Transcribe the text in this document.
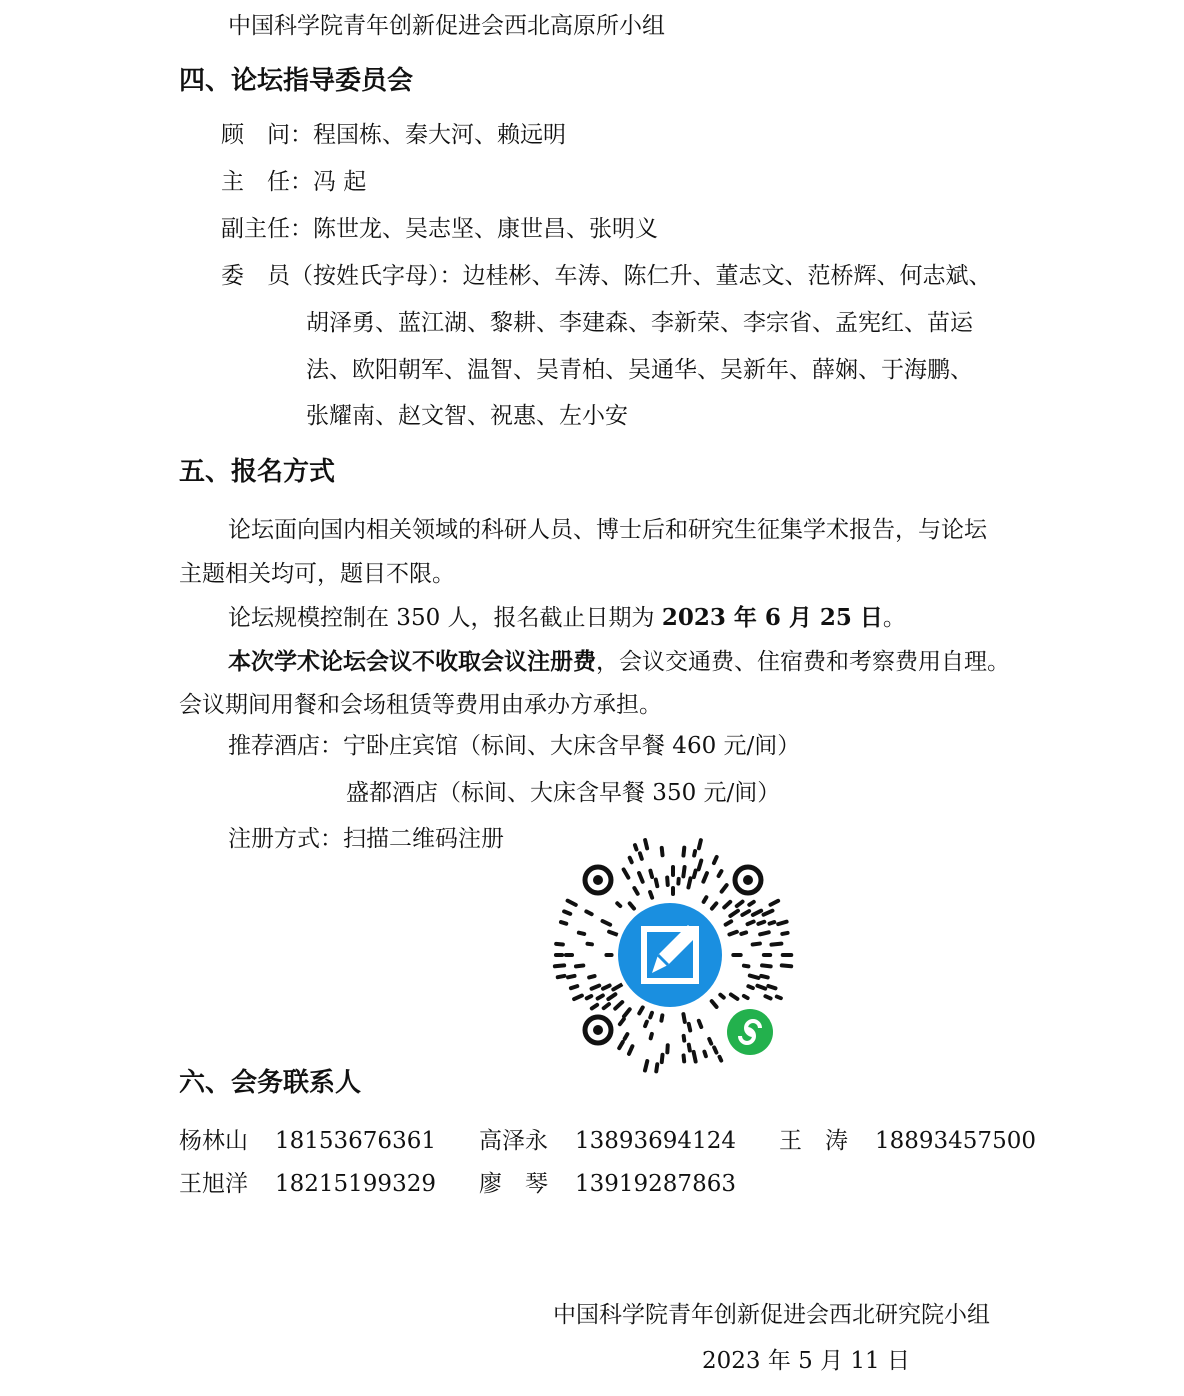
中国科学院青年创新促进会西北高原所小组
四、论坛指导委员会
顾　问：程国栋、秦大河、赖远明
主　任：冯 起
副主任：陈世龙、吴志坚、康世昌、张明义
委　员（按姓氏字母）：边桂彬、车涛、陈仁升、董志文、范桥辉、何志斌、
胡泽勇、蓝江湖、黎耕、李建森、李新荣、李宗省、孟宪红、苗运
法、欧阳朝军、温智、吴青柏、吴通华、吴新年、薛娴、于海鹏、
张耀南、赵文智、祝惠、左小安
五、报名方式
论坛面向国内相关领域的科研人员、博士后和研究生征集学术报告，与论坛
主题相关均可，题目不限。
论坛规模控制在 350 人，报名截止日期为 2023 年 6 月 25 日。
本次学术论坛会议不收取会议注册费，会议交通费、住宿费和考察费用自理。
会议期间用餐和会场租赁等费用由承办方承担。
推荐酒店：宁卧庄宾馆（标间、大床含早餐 460 元/间）
盛都酒店（标间、大床含早餐 350 元/间）
注册方式：扫描二维码注册
六、会务联系人
杨林山 18153676361 高泽永 13893694124 王　涛 18893457500
王旭洋 18215199329 廖　琴 13919287863
中国科学院青年创新促进会西北研究院小组
2023 年 5 月 11 日
